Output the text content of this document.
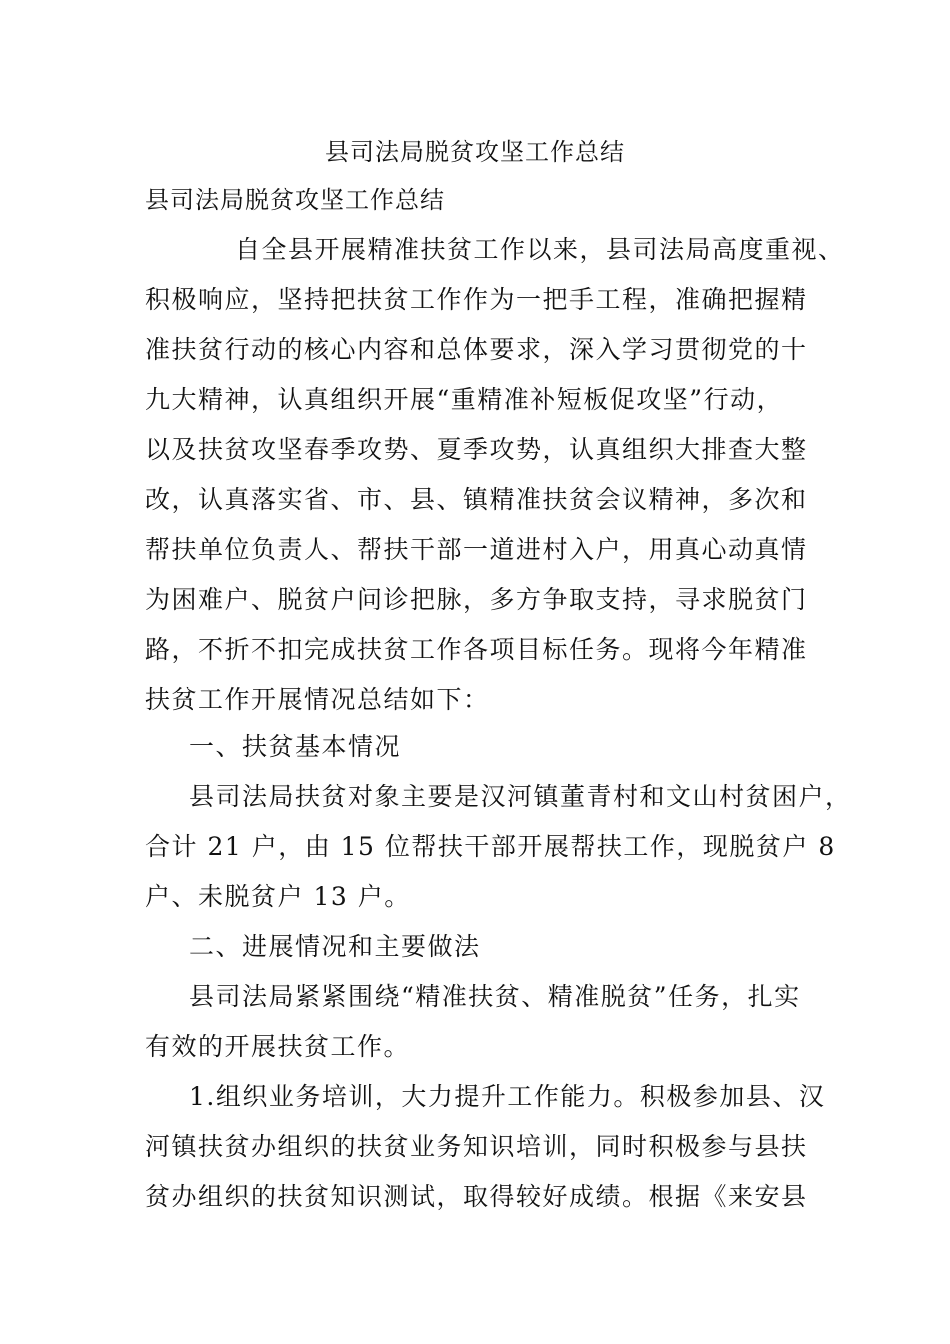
县司法局脱贫攻坚工作总结
县司法局脱贫攻坚工作总结
自全县开展精准扶贫工作以来，县司法局高度重视、
积极响应，坚持把扶贫工作作为一把手工程，准确把握精
准扶贫行动的核心内容和总体要求，深入学习贯彻党的十
九大精神，认真组织开展“重精准补短板促攻坚”行动，
以及扶贫攻坚春季攻势、夏季攻势，认真组织大排查大整
改，认真落实省、市、县、镇精准扶贫会议精神，多次和
帮扶单位负责人、帮扶干部一道进村入户，用真心动真情
为困难户、脱贫户问诊把脉，多方争取支持，寻求脱贫门
路，不折不扣完成扶贫工作各项目标任务。现将今年精准
扶贫工作开展情况总结如下：
一、扶贫基本情况
县司法局扶贫对象主要是汉河镇董青村和文山村贫困户，
合计 21 户，由 15 位帮扶干部开展帮扶工作，现脱贫户 8
户、未脱贫户 13 户。
二、进展情况和主要做法
县司法局紧紧围绕“精准扶贫、精准脱贫”任务，扎实
有效的开展扶贫工作。
1.组织业务培训，大力提升工作能力。积极参加县、汉
河镇扶贫办组织的扶贫业务知识培训，同时积极参与县扶
贫办组织的扶贫知识测试，取得较好成绩。根据《来安县
